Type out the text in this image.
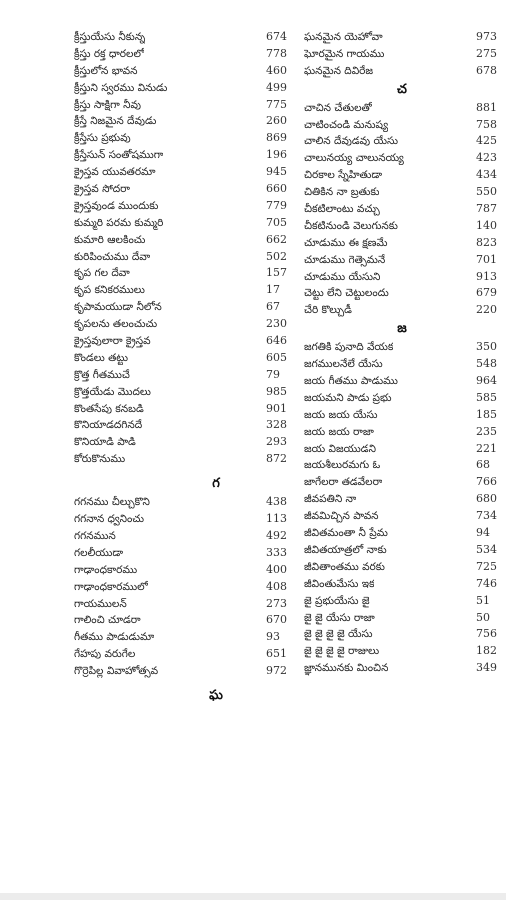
క్రీస్తుయేసు నీకున్న	674
క్రీస్తు రక్త ధారలలో	778
క్రీస్తులోన భావన	460
క్రీస్తుని స్వరము వినుడు	499
క్రీస్తు సాక్షిగా నీవు	775
క్రీస్తే నిజమైన దేవుడు	260
క్రీస్తేసు ప్రభువు	869
క్రీస్తేసున్ సంతోషముగా	196
క్రైస్తవ యువతరమా	945
క్రైస్తవ సోదరా	660
క్రైస్తవుండ ముందుకు	779
కుమ్మరి పరమ కుమ్మరి	705
కుమారి ఆలకించు	662
కురిపించుము దేవా	502
కృప గల దేవా	157
కృప కనికరములు	17
కృపామయుడా నీలోన	67
కృపలను తలంచుచు	230
క్రైస్తవులారా క్రైస్తవ	646
కొండలు తట్టు	605
క్రొత్త గీతముచే	79
క్రొత్తయేడు మొదలు	985
కొంతసేపు కనబడి	901
కొనియాడదగినదే	328
కొనియాడి పాడి	293
కోరుకొనుము	872
గ
గగనము చీల్చుకొని	438
గగనాన ధ్వనించు	113
గగనమున	492
గలలీయుడా	333
గాఢాంధకారము	400
గాఢాంధకారములో	408
గాయములన్	273
గాలించి చూడరా	670
గీతము పాడుడుమా	93
గేహపు వరుగేల	651
గొర్రెపిల్ల వివాహోత్సవ	972
ఘ
ఘనమైన యెహోవా	973
ఘోరమైన గాయము	275
ఘనమైన దివిరేజ	678
చ
చాచిన చేతులతో	881
చాటించండి మనుష్య	758
చాలిన దేవుడవు యేసు	425
చాలునయ్య చాలునయ్య	423
చిరకాల స్నేహితుడా	434
చితికిన నా బ్రతుకు	550
చీకటిలాంటు వచ్చు	787
చీకటినుండి వెలుగునకు	140
చూడుము ఈ క్షణమే	823
చూడుము గెత్సెమనే	701
చూడుము యేసుని	913
చెట్టు లేని చెట్టులందు	679
చేరి కొల్చుడీ	220
జ
జగతికి పునాది వేయక	350
జగములనేలే యేసు	548
జయ గీతము పాడుము	964
జయమని పాడు ప్రభు	585
జయ జయ యేసు	185
జయ జయ రాజా	235
జయ విజయుడని	221
జయశీలురమగు ఓ	68
జాగేలరా తడవేలరా	766
జీవపతిని నా	680
జీవమిచ్చిన పావన	734
జీవితమంతా నీ ప్రేమ	94
జీవితయాత్రలో నాకు	534
జీవితాంతము వరకు	725
జీవింతుమేసు ఇక	746
జై ప్రభుయేసు జై	51
జై జై యేసు రాజా	50
జై జై జై జై యేసు	756
జై జై జై జై రాజులు	182
జ్ఞానమునకు మించిన	349
